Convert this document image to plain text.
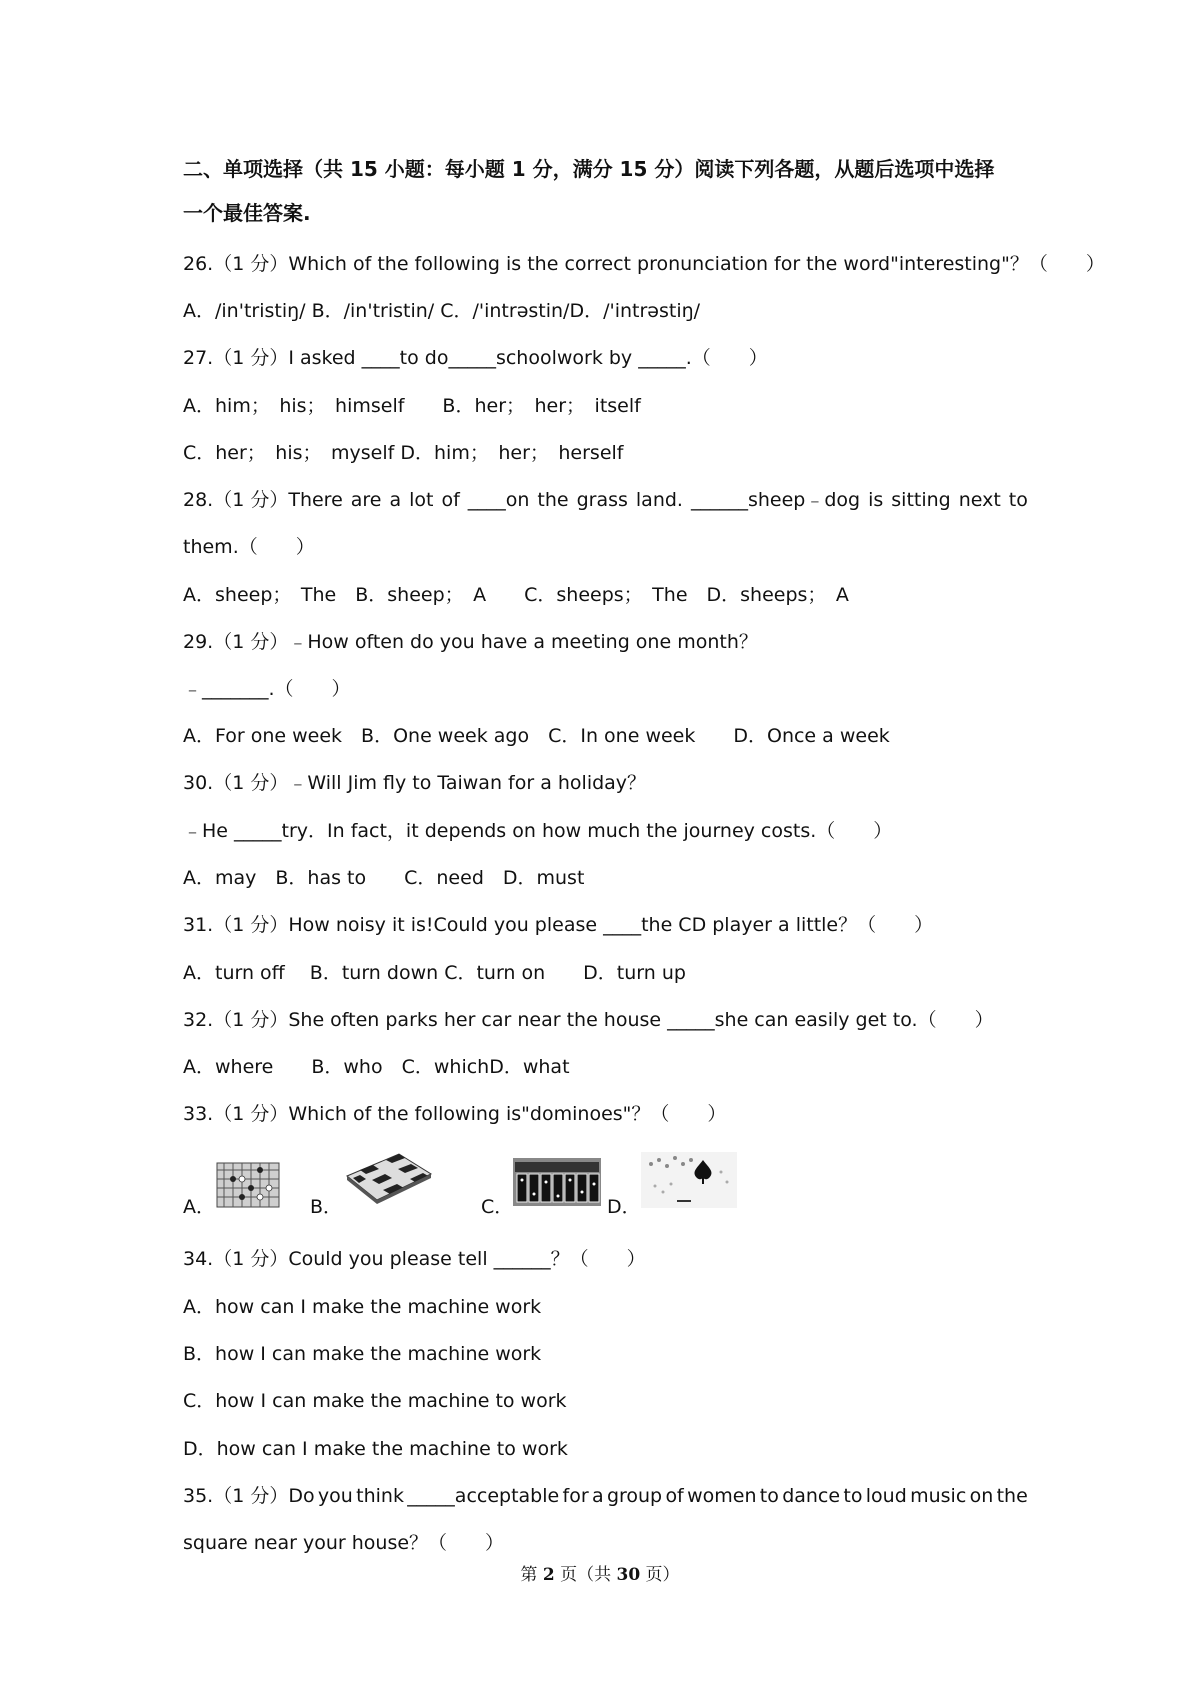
二、单项选择（共 15 小题：每小题 1 分，满分 15 分）阅读下列各题，从题后选项中选择
一个最佳答案.
26.（1 分）Which of the following is the correct pronunciation for the word"interesting"？（　　）
A．/in'tristiŋ/ B．/in'tristin/ C．/'intrəstin/D．/'intrəstiŋ/
27.（1 分）I asked ____to do_____schoolwork by _____.（　　）
A．him；　his；　himself　　B．her；　her；　itself
C．her；　his；　myself D．him；　her；　herself
28.（1 分）There are a lot of ____on the grass land. ______sheep﹣dog is sitting next to
them.（　　）
A．sheep；　The　B．sheep；　A　　C．sheeps；　The　D．sheeps；　A
29.（1 分）﹣How often do you have a meeting one month？
﹣_______.（　　）
A．For one week　B．One week ago　C．In one week　　D．Once a week
30.（1 分）﹣Will Jim fly to Taiwan for a holiday？
﹣He _____try．In fact，it depends on how much the journey costs.（　　）
A．may　B．has to　　C．need　D．must
31.（1 分）How noisy it is!Could you please ____the CD player a little？（　　）
A．turn off　 B．turn down C．turn on　　D．turn up
32.（1 分）She often parks her car near the house _____she can easily get to.（　　）
A．where　　B．who　C．whichD．what
33.（1 分）Which of the following is"dominoes"？（　　）
A．	B．	C．	D．
34.（1 分）Could you please tell ______？（　　）
A．how can I make the machine work
B．how I can make the machine work
C．how I can make the machine to work
D．how can I make the machine to work
35.（1 分）Do you think _____acceptable for a group of women to dance to loud music on the
square near your house？（　　）
第 2 页（共 30 页）
